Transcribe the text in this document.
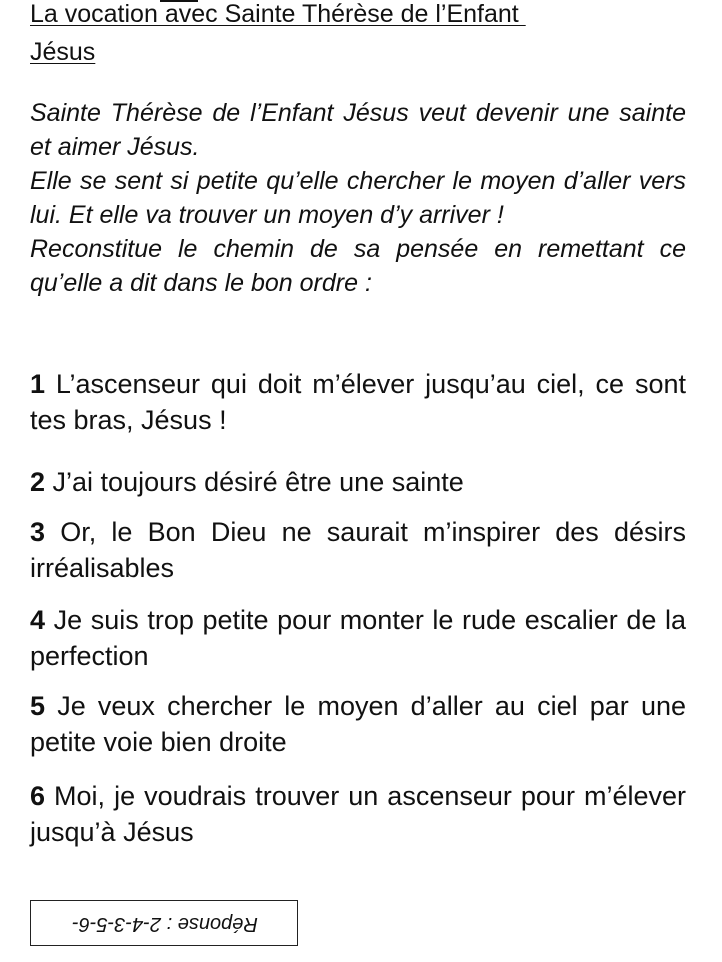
La vocation avec Sainte Thérèse de l’Enfant
Jésus

Sainte Thérèse de l’Enfant Jésus veut devenir une sainte et aimer Jésus.

Elle se sent si petite qu’elle chercher le moyen d’aller vers lui. Et elle va trouver un moyen d’y arriver !

Reconstitue le chemin de sa pensée en remettant ce qu’elle a dit dans le bon ordre :

1 L’ascenseur qui doit m’élever jusqu’au ciel, ce sont tes bras, Jésus !
2 J’ai toujours désiré être une sainte
3 Or, le Bon Dieu ne saurait m’inspirer des désirs irréalisables
4 Je suis trop petite pour monter le rude escalier de la perfection
5 Je veux chercher le moyen d’aller au ciel par une petite voie bien droite
6 Moi, je voudrais trouver un ascenseur pour m’élever jusqu’à Jésus
Réponse : 2-4-3-5-6-
